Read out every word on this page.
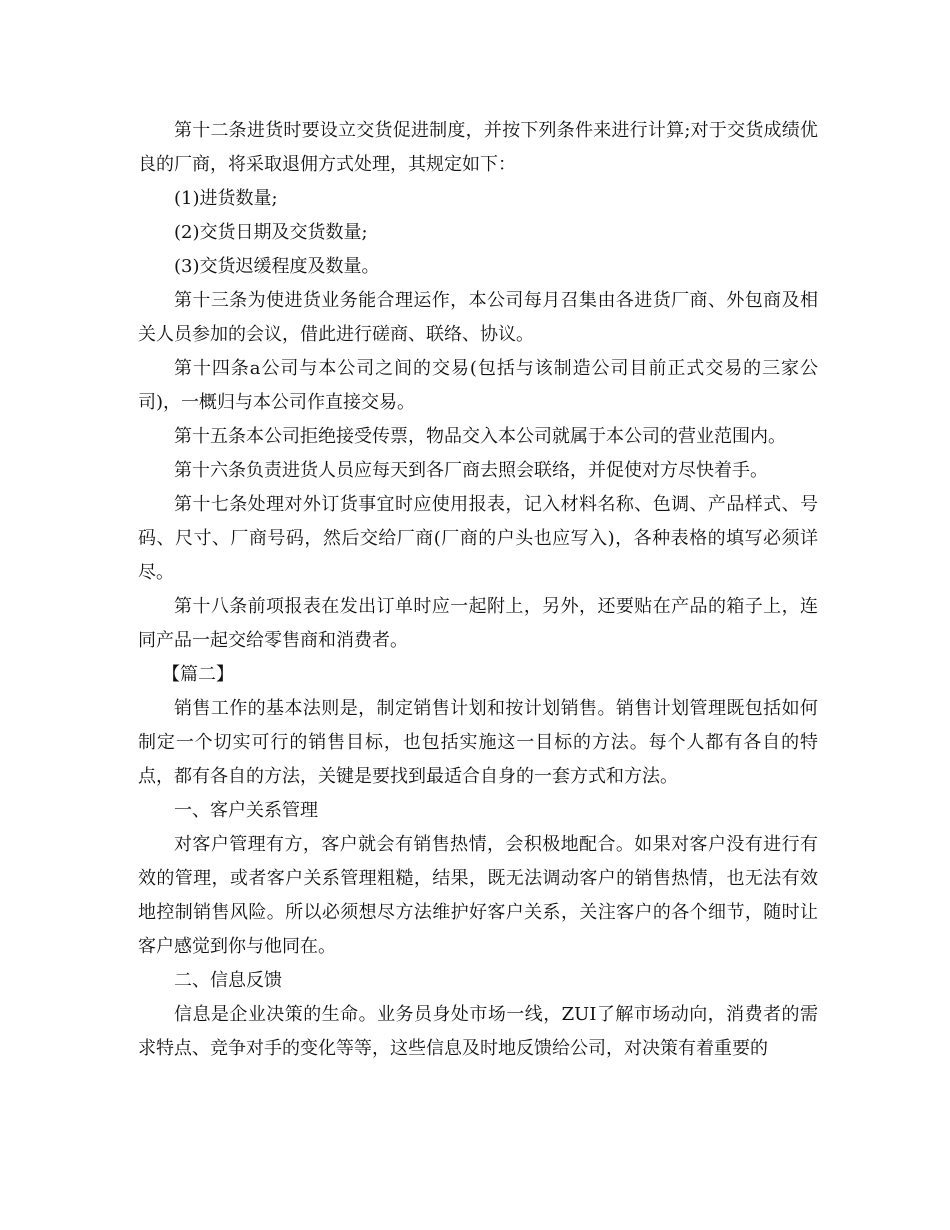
第十二条进货时要设立交货促进制度，并按下列条件来进行计算;对于交货成绩优良的厂商，将采取退佣方式处理，其规定如下：

(1)进货数量;

(2)交货日期及交货数量;

(3)交货迟缓程度及数量。

第十三条为使进货业务能合理运作，本公司每月召集由各进货厂商、外包商及相关人员参加的会议，借此进行磋商、联络、协议。

第十四条a公司与本公司之间的交易(包括与该制造公司目前正式交易的三家公司)，一概归与本公司作直接交易。

第十五条本公司拒绝接受传票，物品交入本公司就属于本公司的营业范围内。

第十六条负责进货人员应每天到各厂商去照会联络，并促使对方尽快着手。

第十七条处理对外订货事宜时应使用报表，记入材料名称、色调、产品样式、号码、尺寸、厂商号码，然后交给厂商(厂商的户头也应写入)，各种表格的填写必须详尽。

第十八条前项报表在发出订单时应一起附上，另外，还要贴在产品的箱子上，连同产品一起交给零售商和消费者。

【篇二】

销售工作的基本法则是，制定销售计划和按计划销售。销售计划管理既包括如何制定一个切实可行的销售目标，也包括实施这一目标的方法。每个人都有各自的特点，都有各自的方法，关键是要找到最适合自身的一套方式和方法。

一、客户关系管理

对客户管理有方，客户就会有销售热情，会积极地配合。如果对客户没有进行有效的管理，或者客户关系管理粗糙，结果，既无法调动客户的销售热情，也无法有效地控制销售风险。所以必须想尽方法维护好客户关系，关注客户的各个细节，随时让客户感觉到你与他同在。

二、信息反馈

信息是企业决策的生命。业务员身处市场一线，ZUI了解市场动向，消费者的需求特点、竞争对手的变化等等，这些信息及时地反馈给公司，对决策有着重要的
